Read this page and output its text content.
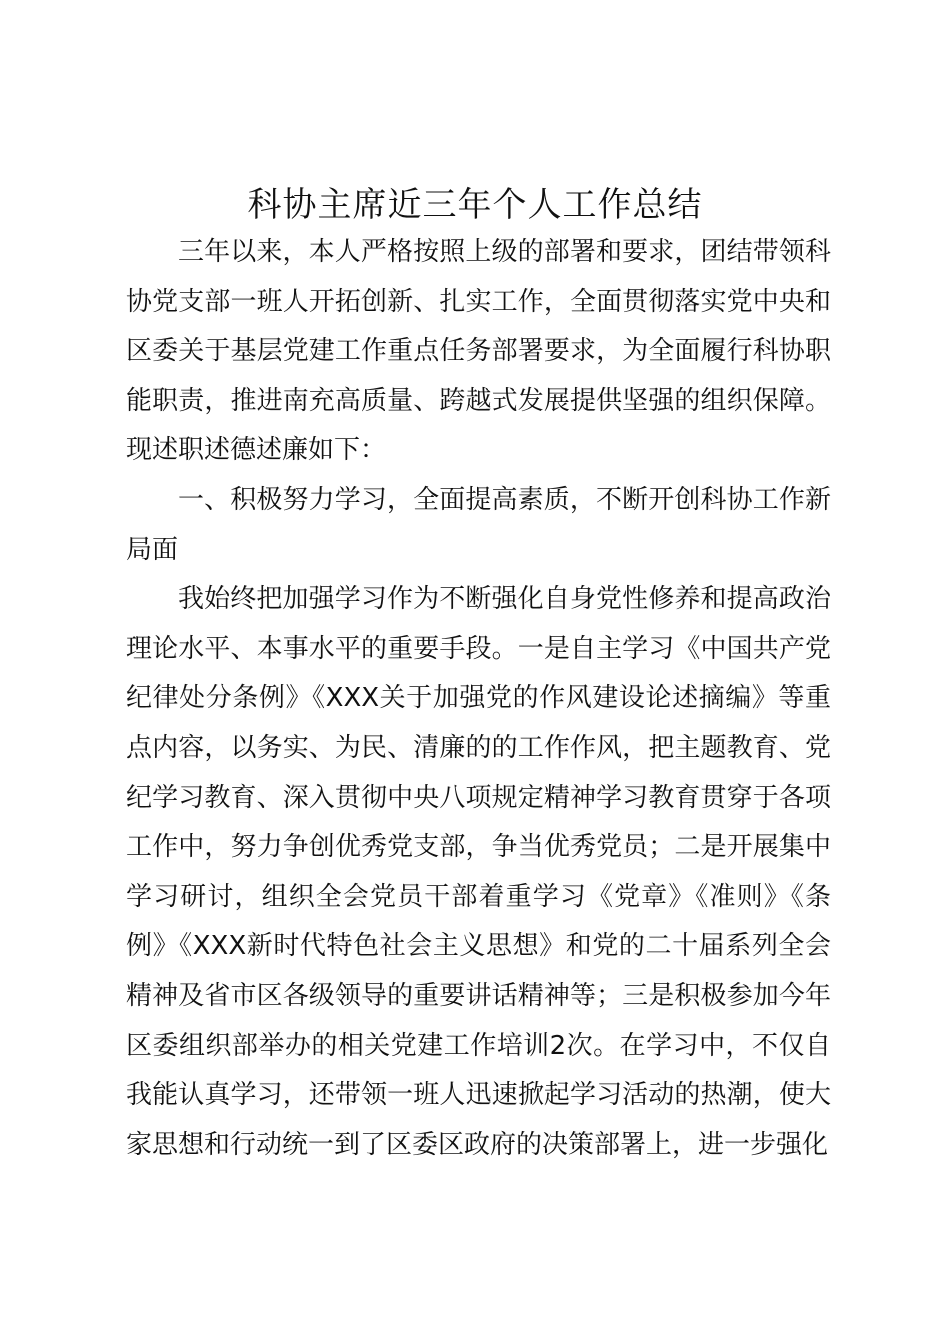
科协主席近三年个人工作总结

三年以来，本人严格按照上级的部署和要求，团结带领科协党支部一班人开拓创新、扎实工作，全面贯彻落实党中央和区委关于基层党建工作重点任务部署要求，为全面履行科协职能职责，推进南充高质量、跨越式发展提供坚强的组织保障。现述职述德述廉如下：

一、积极努力学习，全面提高素质，不断开创科协工作新局面

我始终把加强学习作为不断强化自身党性修养和提高政治理论水平、本事水平的重要手段。一是自主学习《中国共产党纪律处分条例》《XXX关于加强党的作风建设论述摘编》等重点内容，以务实、为民、清廉的的工作作风，把主题教育、党纪学习教育、深入贯彻中央八项规定精神学习教育贯穿于各项工作中，努力争创优秀党支部，争当优秀党员；二是开展集中学习研讨，组织全会党员干部着重学习《党章》《准则》《条例》《XXX新时代特色社会主义思想》和党的二十届系列全会精神及省市区各级领导的重要讲话精神等；三是积极参加今年区委组织部举办的相关党建工作培训2次。在学习中，不仅自我能认真学习，还带领一班人迅速掀起学习活动的热潮，使大家思想和行动统一到了区委区政府的决策部署上，进一步强化
